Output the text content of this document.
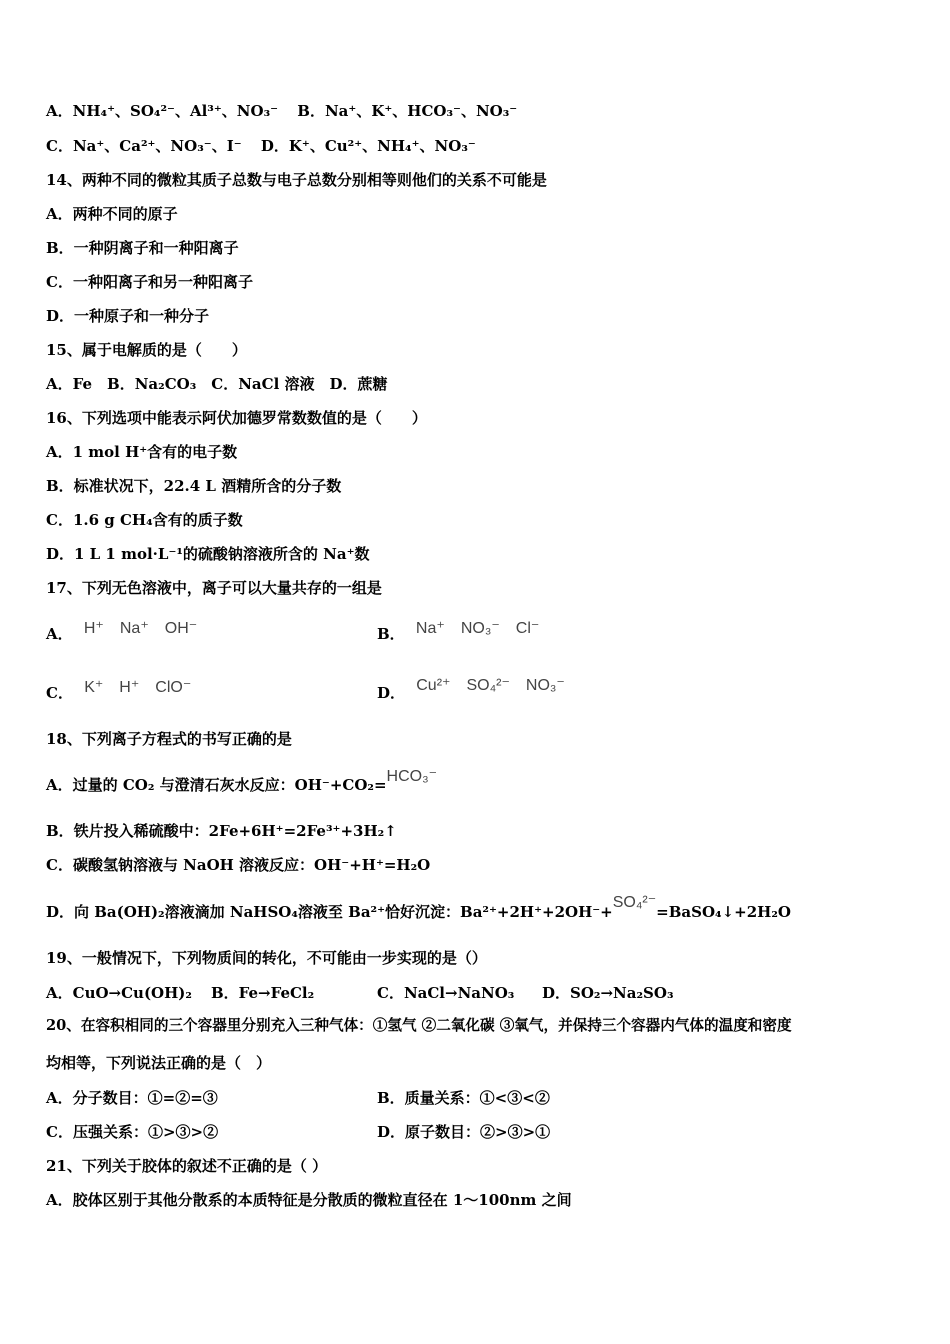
A．NH₄⁺、SO₄²⁻、Al³⁺、NO₃⁻ B．Na⁺、K⁺、HCO₃⁻、NO₃⁻
C．Na⁺、Ca²⁺、NO₃⁻、I⁻ D．K⁺、Cu²⁺、NH₄⁺、NO₃⁻
14、两种不同的微粒其质子总数与电子总数分别相等则他们的关系不可能是
A．两种不同的原子
B．一种阴离子和一种阳离子
C．一种阳离子和另一种阳离子
D．一种原子和一种分子
15、属于电解质的是（　　）
A．Fe　B．Na₂CO₃　C．NaCl 溶液　D．蔗糖
16、下列选项中能表示阿伏加德罗常数数值的是（　　）
A．1 mol H⁺含有的电子数
B．标准状况下，22.4 L 酒精所含的分子数
C．1.6 g CH₄含有的质子数
D．1 L 1 mol·L⁻¹的硫酸钠溶液所含的 Na⁺数
17、下列无色溶液中，离子可以大量共存的一组是
A． H⁺　Na⁺　OH⁻	B． Na⁺　NO₃⁻　Cl⁻
C． K⁺　H⁺　ClO⁻	D． Cu²⁺　SO₄²⁻　NO₃⁻
18、下列离子方程式的书写正确的是
A．过量的 CO₂ 与澄清石灰水反应：OH⁻+CO₂=HCO₃⁻
B．铁片投入稀硫酸中：2Fe+6H⁺=2Fe³⁺+3H₂↑
C．碳酸氢钠溶液与 NaOH 溶液反应：OH⁻+H⁺=H₂O
D．向 Ba(OH)₂溶液滴加 NaHSO₄溶液至 Ba²⁺恰好沉淀：Ba²⁺+2H⁺+2OH⁻+SO₄²⁻=BaSO₄↓+2H₂O
19、一般情况下，下列物质间的转化，不可能由一步实现的是（）
A．CuO→Cu(OH)₂ B．Fe→FeCl₂	C．NaCl→NaNO₃ D．SO₂→Na₂SO₃
20、在容积相同的三个容器里分别充入三种气体：①氢气 ②二氧化碳 ③氧气，并保持三个容器内气体的温度和密度
均相等，下列说法正确的是（　）
A．分子数目：①=②=③	B．质量关系：①<③<②
C．压强关系：①>③>②	D．原子数目：②>③>①
21、下列关于胶体的叙述不正确的是（ ）
A．胶体区别于其他分散系的本质特征是分散质的微粒直径在 1～100nm 之间
